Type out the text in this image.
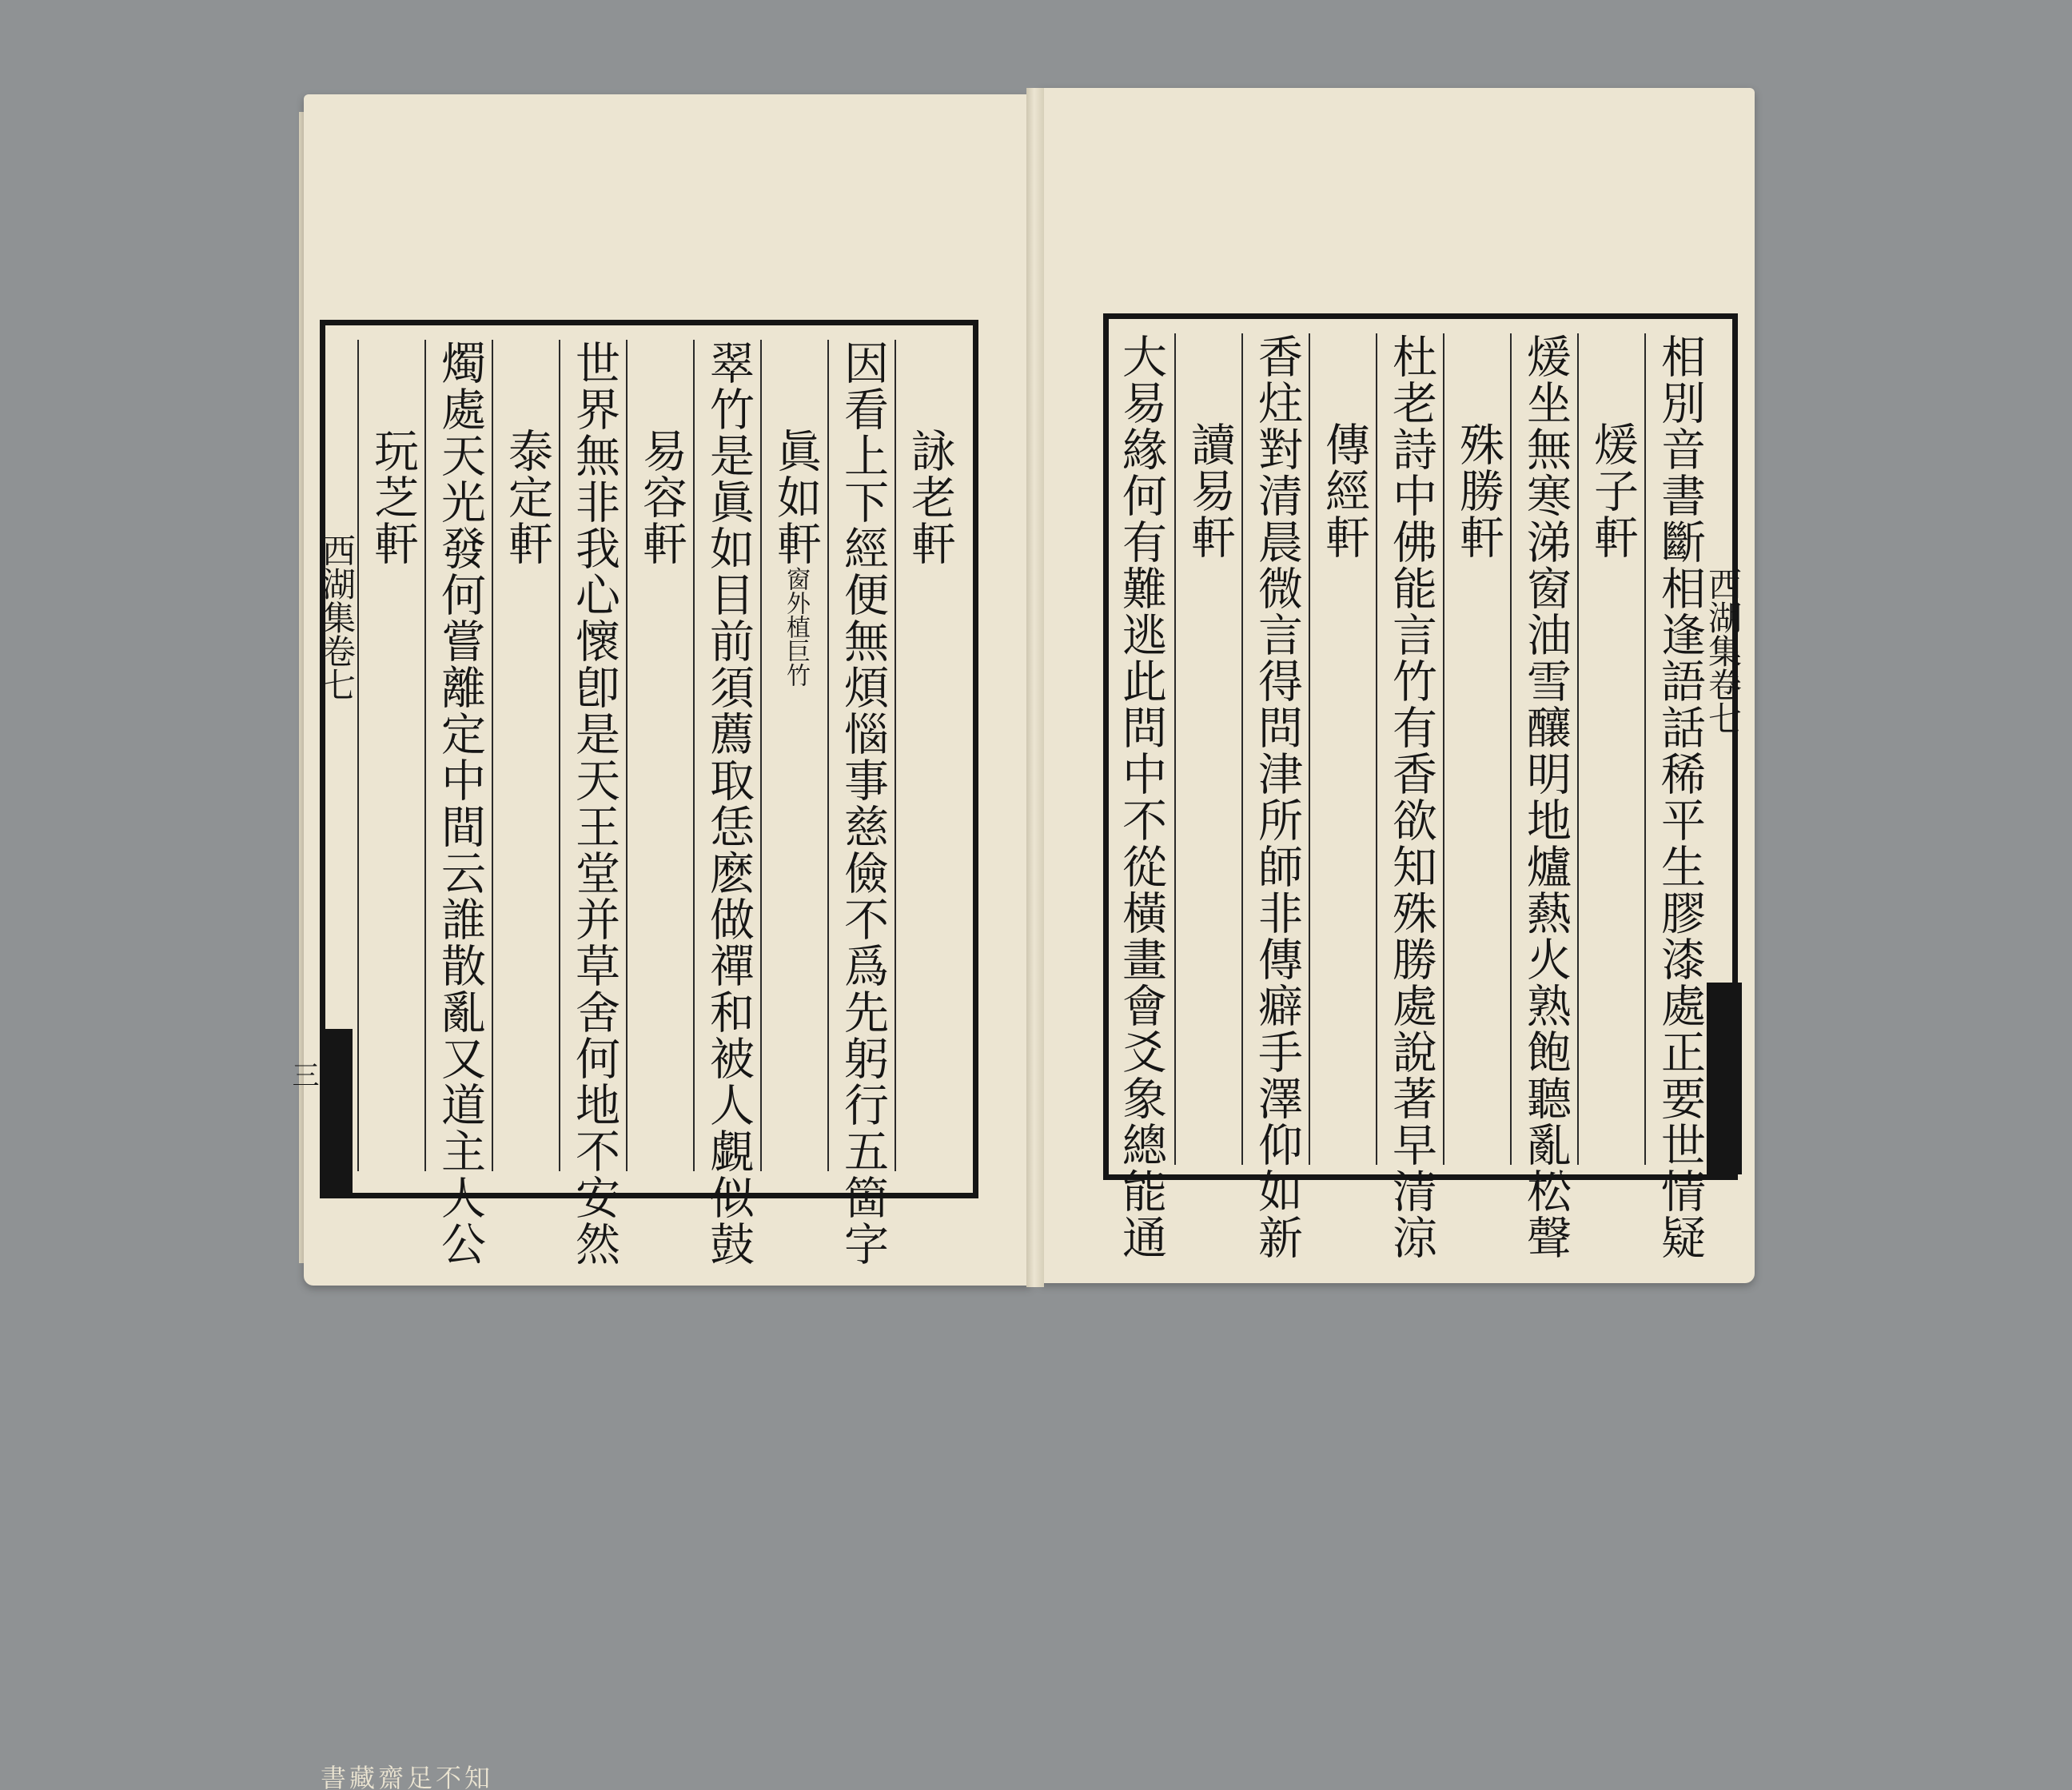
詠老軒
因看上下經便無煩惱事慈儉不爲先躬行五箇字
眞如軒窗外植巨竹
翠竹是眞如目前須薦取恁麽做禪和被人覷似鼓
易容軒
世界無非我心懷卽是天王堂并草舍何地不安然
泰定軒
燭處天光發何嘗離定中間云誰散亂又道主人公
玩芝軒
西湖集卷七
三
知不足齋藏書
相別音書斷相逢語話稀平生膠漆處正要世情疑
煖子軒
煖坐無寒涕窗油雪釀明地爐爇火熟飽聽亂松聲
殊勝軒
杜老詩中佛能言竹有香欲知殊勝處說著早清涼
傳經軒
香炷對清晨微言得問津所師非傳癖手澤仰如新
讀易軒
大易緣何有難逃此問中不從橫畫會爻象總能通	西湖集卷七
